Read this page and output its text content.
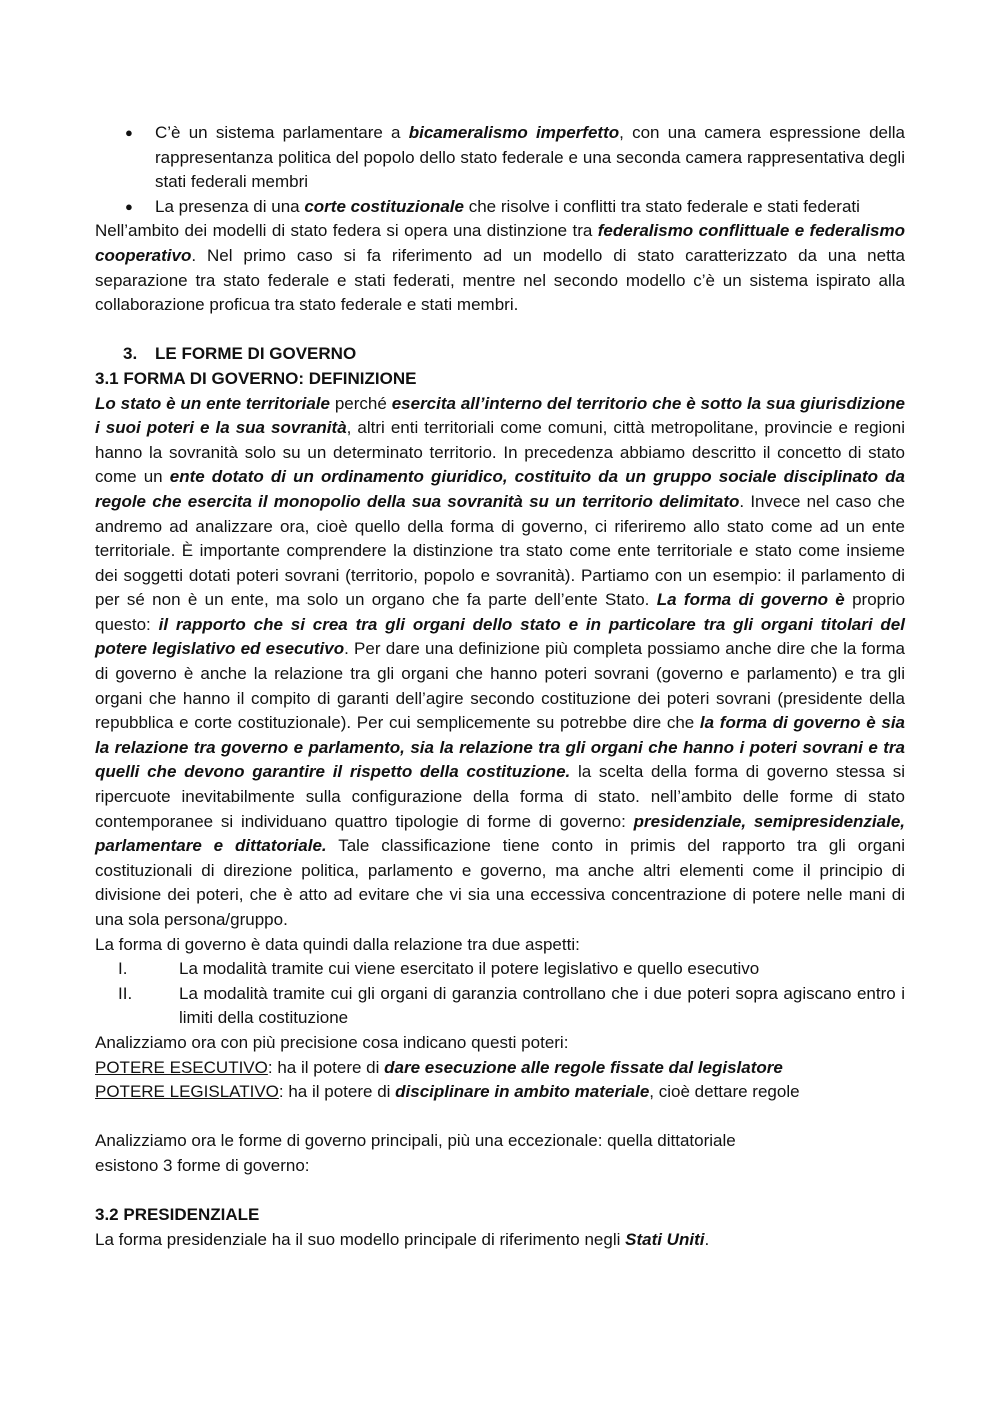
● C’è un sistema parlamentare a bicameralismo imperfetto, con una camera espressione della rappresentanza politica del popolo dello stato federale e una seconda camera rappresentativa degli stati federali membri
● La presenza di una corte costituzionale che risolve i conflitti tra stato federale e stati federati

Nell’ambito dei modelli di stato federa si opera una distinzione tra federalismo conflittuale e federalismo cooperativo. Nel primo caso si fa riferimento ad un modello di stato caratterizzato da una netta separazione tra stato federale e stati federati, mentre nel secondo modello c’è un sistema ispirato alla collaborazione proficua tra stato federale e stati membri.

3. LE FORME DI GOVERNO

3.1 FORMA DI GOVERNO: DEFINIZIONE

Lo stato è un ente territoriale perché esercita all’interno del territorio che è sotto la sua giurisdizione i suoi poteri e la sua sovranità, altri enti territoriali come comuni, città metropolitane, provincie e regioni hanno la sovranità solo su un determinato territorio. In precedenza abbiamo descritto il concetto di stato come un ente dotato di un ordinamento giuridico, costituito da un gruppo sociale disciplinato da regole che esercita il monopolio della sua sovranità su un territorio delimitato. Invece nel caso che andremo ad analizzare ora, cioè quello della forma di governo, ci riferiremo allo stato come ad un ente territoriale. È importante comprendere la distinzione tra stato come ente territoriale e stato come insieme dei soggetti dotati poteri sovrani (territorio, popolo e sovranità). Partiamo con un esempio: il parlamento di per sé non è un ente, ma solo un organo che fa parte dell’ente Stato. La forma di governo è proprio questo: il rapporto che si crea tra gli organi dello stato e in particolare tra gli organi titolari del potere legislativo ed esecutivo. Per dare una definizione più completa possiamo anche dire che la forma di governo è anche la relazione tra gli organi che hanno poteri sovrani (governo e parlamento) e tra gli organi che hanno il compito di garanti dell’agire secondo costituzione dei poteri sovrani (presidente della repubblica e corte costituzionale). Per cui semplicemente su potrebbe dire che la forma di governo è sia la relazione tra governo e parlamento, sia la relazione tra gli organi che hanno i poteri sovrani e tra quelli che devono garantire il rispetto della costituzione. la scelta della forma di governo stessa si ripercuote inevitabilmente sulla configurazione della forma di stato. nell’ambito delle forme di stato contemporanee si individuano quattro tipologie di forme di governo: presidenziale, semipresidenziale, parlamentare e dittatoriale. Tale classificazione tiene conto in primis del rapporto tra gli organi costituzionali di direzione politica, parlamento e governo, ma anche altri elementi come il principio di divisione dei poteri, che è atto ad evitare che vi sia una eccessiva concentrazione di potere nelle mani di una sola persona/gruppo.

La forma di governo è data quindi dalla relazione tra due aspetti:

I.	La modalità tramite cui viene esercitato il potere legislativo e quello esecutivo
II.	La modalità tramite cui gli organi di garanzia controllano che i due poteri sopra agiscano entro i limiti della costituzione

Analizziamo ora con più precisione cosa indicano questi poteri:

POTERE ESECUTIVO: ha il potere di dare esecuzione alle regole fissate dal legislatore

POTERE LEGISLATIVO: ha il potere di disciplinare in ambito materiale, cioè dettare regole

Analizziamo ora le forme di governo principali, più una eccezionale: quella dittatoriale

esistono 3 forme di governo:

3.2 PRESIDENZIALE

La forma presidenziale ha il suo modello principale di riferimento negli Stati Uniti.
